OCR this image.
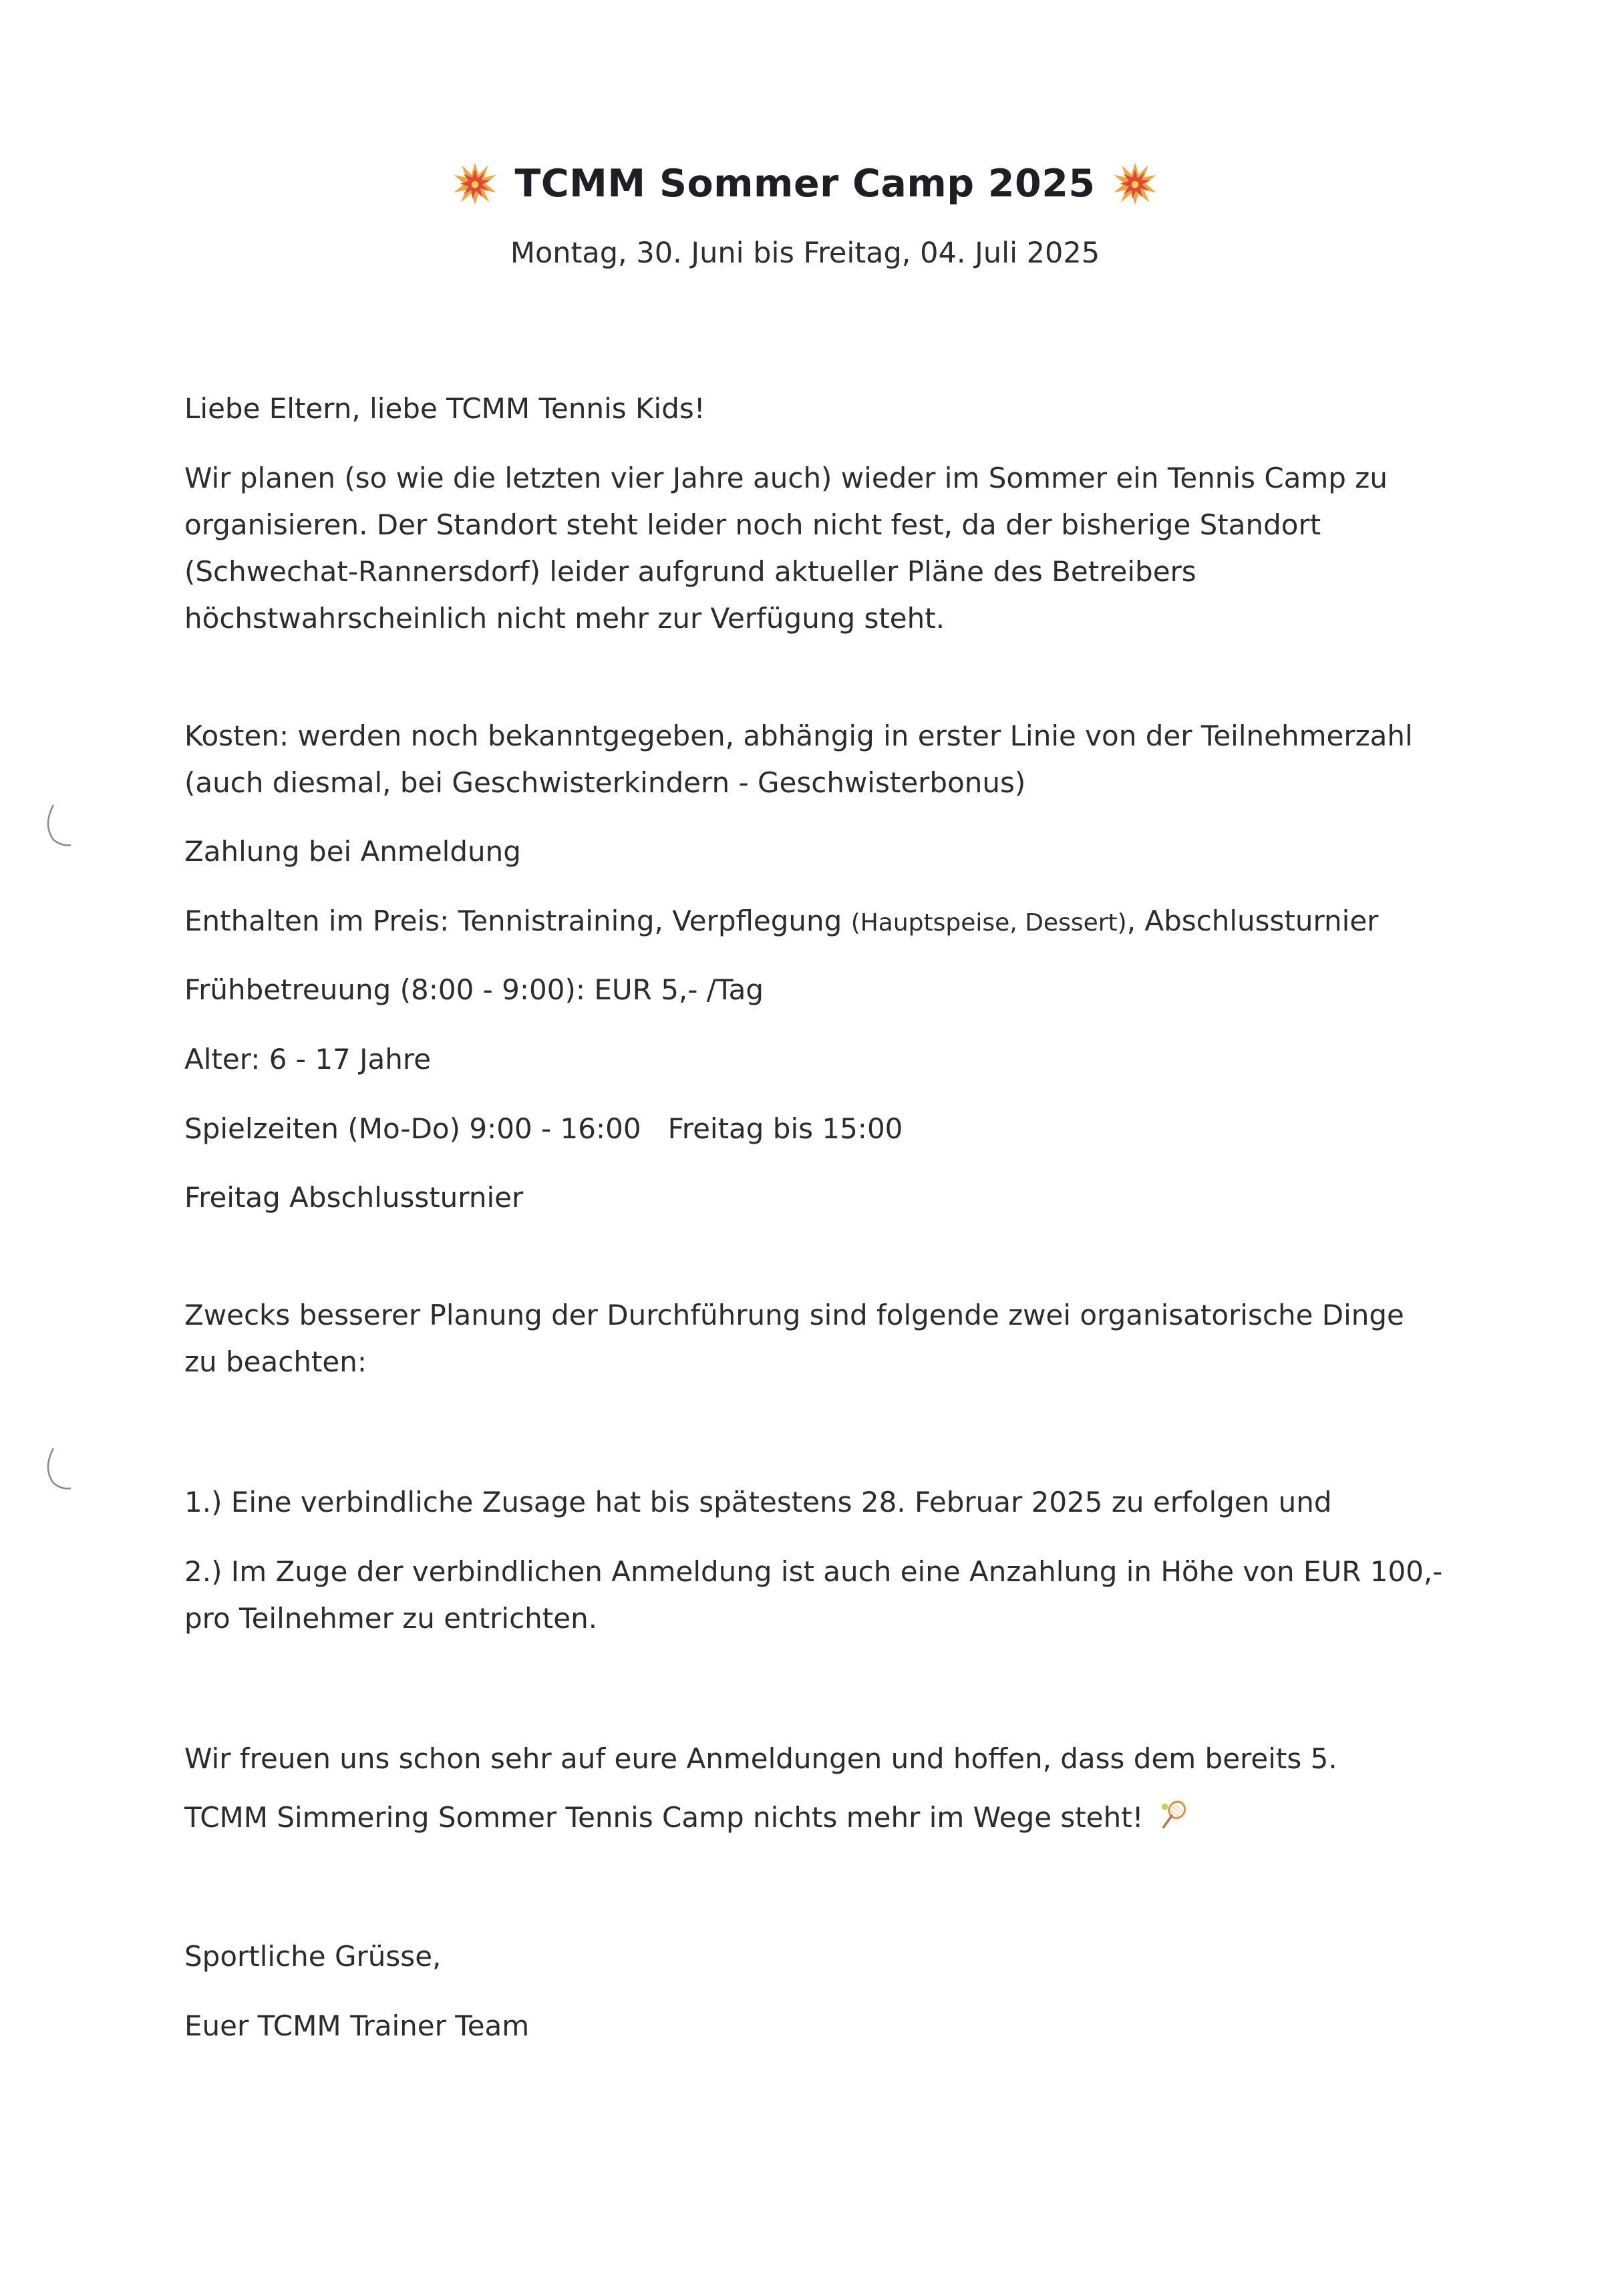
TCMM Sommer Camp 2025
Montag, 30. Juni bis Freitag, 04. Juli 2025
Liebe Eltern, liebe TCMM Tennis Kids!
Wir planen (so wie die letzten vier Jahre auch) wieder im Sommer ein Tennis Camp zu
organisieren. Der Standort steht leider noch nicht fest, da der bisherige Standort
(Schwechat-Rannersdorf) leider aufgrund aktueller Pläne des Betreibers
höchstwahrscheinlich nicht mehr zur Verfügung steht.
Kosten: werden noch bekanntgegeben, abhängig in erster Linie von der Teilnehmerzahl
(auch diesmal, bei Geschwisterkindern - Geschwisterbonus)
Zahlung bei Anmeldung
Enthalten im Preis: Tennistraining, Verpflegung (Hauptspeise, Dessert), Abschlussturnier
Frühbetreuung (8:00 - 9:00): EUR 5,- /Tag
Alter: 6 - 17 Jahre
Spielzeiten (Mo-Do) 9:00 - 16:00   Freitag bis 15:00
Freitag Abschlussturnier
Zwecks besserer Planung der Durchführung sind folgende zwei organisatorische Dinge
zu beachten:
1.) Eine verbindliche Zusage hat bis spätestens 28. Februar 2025 zu erfolgen und
2.) Im Zuge der verbindlichen Anmeldung ist auch eine Anzahlung in Höhe von EUR 100,-
pro Teilnehmer zu entrichten.
Wir freuen uns schon sehr auf eure Anmeldungen und hoffen, dass dem bereits 5.
TCMM Simmering Sommer Tennis Camp nichts mehr im Wege steht!
Sportliche Grüsse,
Euer TCMM Trainer Team
